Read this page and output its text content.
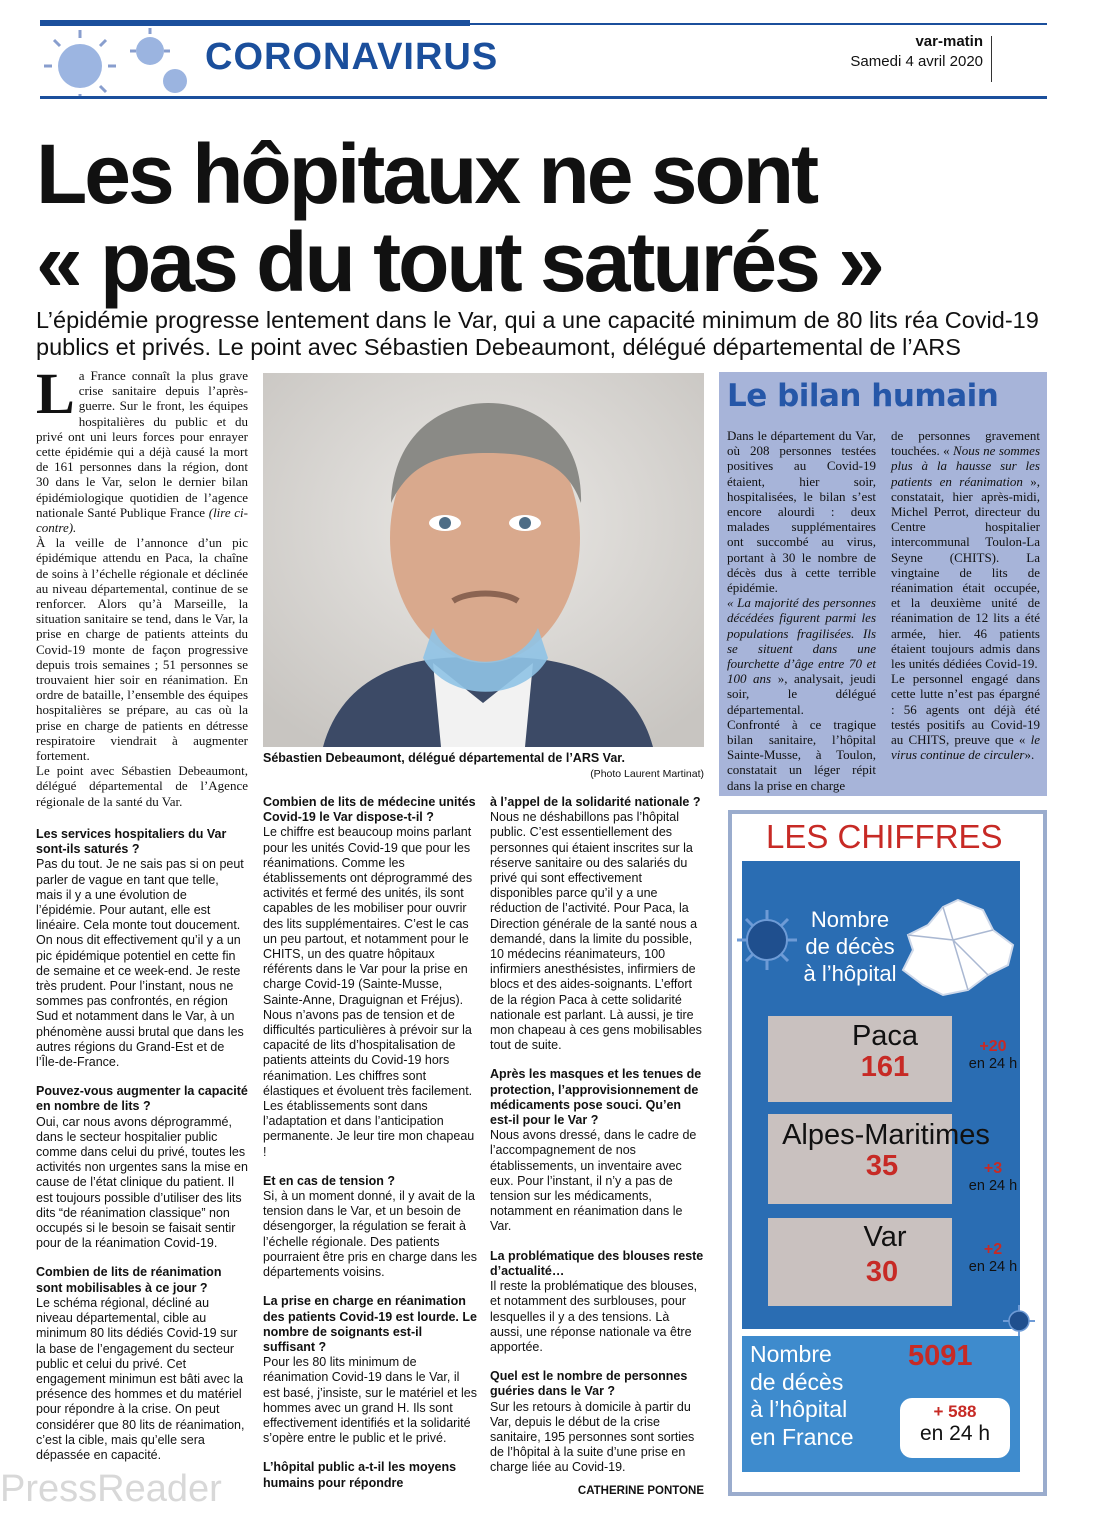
CORONAVIRUS	var-matin
Samedi 4 avril 2020
Les hôpitaux ne sont
« pas du tout saturés »
L’épidémie progresse lentement dans le Var, qui a une capacité minimum de 80 lits réa Covid-19 publics et privés. Le point avec Sébastien Debeaumont, délégué départemental de l’ARS
L a France connaît la plus grave crise sanitaire depuis l’après-guerre. Sur le front, les équipes hospitalières du public et du privé ont uni leurs forces pour enrayer cette épidémie qui a déjà causé la mort de 161 personnes dans la région, dont 30 dans le Var, selon le dernier bilan épidémiologique quotidien de l’agence nationale Santé Publique France (lire ci-contre).

À la veille de l’annonce d’un pic épidémique attendu en Paca, la chaîne de soins à l’échelle régionale et déclinée au niveau départemental, continue de se renforcer. Alors qu’à Marseille, la situation sanitaire se tend, dans le Var, la prise en charge de patients atteints du Covid-19 monte de façon progressive depuis trois semaines ; 51 personnes se trouvaient hier soir en réanimation. En ordre de bataille, l’ensemble des équipes hospitalières se prépare, au cas où la prise en charge de patients en détresse respiratoire viendrait à augmenter fortement.

Le point avec Sébastien Debeaumont, délégué départemental de l’Agence régionale de la santé du Var.

Les services hospitaliers du Var sont-ils saturés ?

Pas du tout. Je ne sais pas si on peut parler de vague en tant que telle, mais il y a une évolution de l’épidémie. Pour autant, elle est linéaire. Cela monte tout doucement. On nous dit effectivement qu’il y a un pic épidémique potentiel en cette fin de semaine et ce week-end. Je reste très prudent. Pour l’instant, nous ne sommes pas confrontés, en région Sud et notamment dans le Var, à un phénomène aussi brutal que dans les autres régions du Grand-Est et de l’Île-de-France.

Pouvez-vous augmenter la capacité en nombre de lits ?

Oui, car nous avons déprogrammé, dans le secteur hospitalier public comme dans celui du privé, toutes les activités non urgentes sans la mise en cause de l’état clinique du patient. Il est toujours possible d’utiliser des lits dits “de réanimation classique” non occupés si le besoin se faisait sentir pour de la réanimation Covid-19.

Combien de lits de réanimation sont mobilisables à ce jour ?

Le schéma régional, décliné au niveau départemental, cible au minimum 80 lits dédiés Covid-19 sur la base de l’engagement du secteur public et celui du privé. Cet engagement minimun est bâti avec la présence des hommes et du matériel pour répondre à la crise. On peut considérer que 80 lits de réanimation, c’est la cible, mais qu’elle sera dépassée en capacité.

Sébastien Debeaumont, délégué départemental de l’ARS Var.
(Photo Laurent Martinat)

Combien de lits de médecine unités Covid-19 le Var dispose-t-il ?

Le chiffre est beaucoup moins parlant pour les unités Covid-19 que pour les réanimations. Comme les établissements ont déprogrammé des activités et fermé des unités, ils sont capables de les mobiliser pour ouvrir des lits supplémentaires. C’est le cas un peu partout, et notamment pour le CHITS, un des quatre hôpitaux référents dans le Var pour la prise en charge Covid-19 (Sainte-Musse, Sainte-Anne, Draguignan et Fréjus). Nous n’avons pas de tension et de difficultés particulières à prévoir sur la capacité de lits d’hospitalisation de patients atteints du Covid-19 hors réanimation. Les chiffres sont élastiques et évoluent très facilement. Les établissements sont dans l’adaptation et dans l’anticipation permanente. Je leur tire mon chapeau !

Et en cas de tension ?

Si, à un moment donné, il y avait de la tension dans le Var, et un besoin de désengorger, la régulation se ferait à l’échelle régionale. Des patients pourraient être pris en charge dans les départements voisins.

La prise en charge en réanimation des patients Covid-19 est lourde. Le nombre de soignants est-il suffisant ?

Pour les 80 lits minimum de réanimation Covid-19 dans le Var, il est basé, j’insiste, sur le matériel et les hommes avec un grand H. Ils sont effectivement identifiés et la solidarité s’opère entre le public et le privé.

L’hôpital public a-t-il les moyens humains pour répondre

à l’appel de la solidarité nationale ?

Nous ne déshabillons pas l’hôpital public. C’est essentiellement des personnes qui étaient inscrites sur la réserve sanitaire ou des salariés du privé qui sont effectivement disponibles parce qu’il y a une réduction de l’activité. Pour Paca, la Direction générale de la santé nous a demandé, dans la limite du possible, 10 médecins réanimateurs, 100 infirmiers anesthésistes, infirmiers de blocs et des aides-soignants. L’effort de la région Paca à cette solidarité nationale est parlant. Là aussi, je tire mon chapeau à ces gens mobilisables tout de suite.

Après les masques et les tenues de protection, l’approvisionnement de médicaments pose souci. Qu’en est-il pour le Var ?

Nous avons dressé, dans le cadre de l’accompagnement de nos établissements, un inventaire avec eux. Pour l’instant, il n’y a pas de tension sur les médicaments, notamment en réanimation dans le Var.

La problématique des blouses reste d’actualité…

Il reste la problématique des blouses, et notamment des surblouses, pour lesquelles il y a des tensions. Là aussi, une réponse nationale va être apportée.

Quel est le nombre de personnes guéries dans le Var ?

Sur les retours à domicile à partir du Var, depuis le début de la crise sanitaire, 195 personnes sont sorties de l’hôpital à la suite d’une prise en charge liée au Covid-19.

CATHERINE PONTONE
Le bilan humain

Dans le département du Var, où 208 personnes testées positives au Covid-19 étaient, hier soir, hospitalisées, le bilan s’est encore alourdi : deux malades supplémentaires ont succombé au virus, portant à 30 le nombre de décès dus à cette terrible épidémie.

« La majorité des personnes décédées figurent parmi les populations fragilisées. Ils se situent dans une fourchette d’âge entre 70 et 100 ans », analysait, jeudi soir, le délégué départemental.

Confronté à ce tragique bilan sanitaire, l’hôpital Sainte-Musse, à Toulon, constatait un léger répit dans la prise en charge

de personnes gravement touchées. « Nous ne sommes plus à la hausse sur les patients en réanimation », constatait, hier après-midi, Michel Perrot, directeur du Centre hospitalier intercommunal Toulon-La Seyne (CHITS). La vingtaine de lits de réanimation était occupée, et la deuxième unité de réanimation de 12 lits a été armée, hier. 46 patients étaient toujours admis dans les unités dédiées Covid-19.

Le personnel engagé dans cette lutte n’est pas épargné : 56 agents ont déjà été testés positifs au Covid-19 au CHITS, preuve que « le virus continue de circuler».

LES CHIFFRES
Nombre
de décès
à l’hôpital
Paca
161
+20
en 24 h
Alpes-Maritimes
35	+3
en 24 h
Var
30
+2
en 24 h
Nombre
de décès
à l’hôpital
en France
5091
+ 588
en 24 h
PressReader
